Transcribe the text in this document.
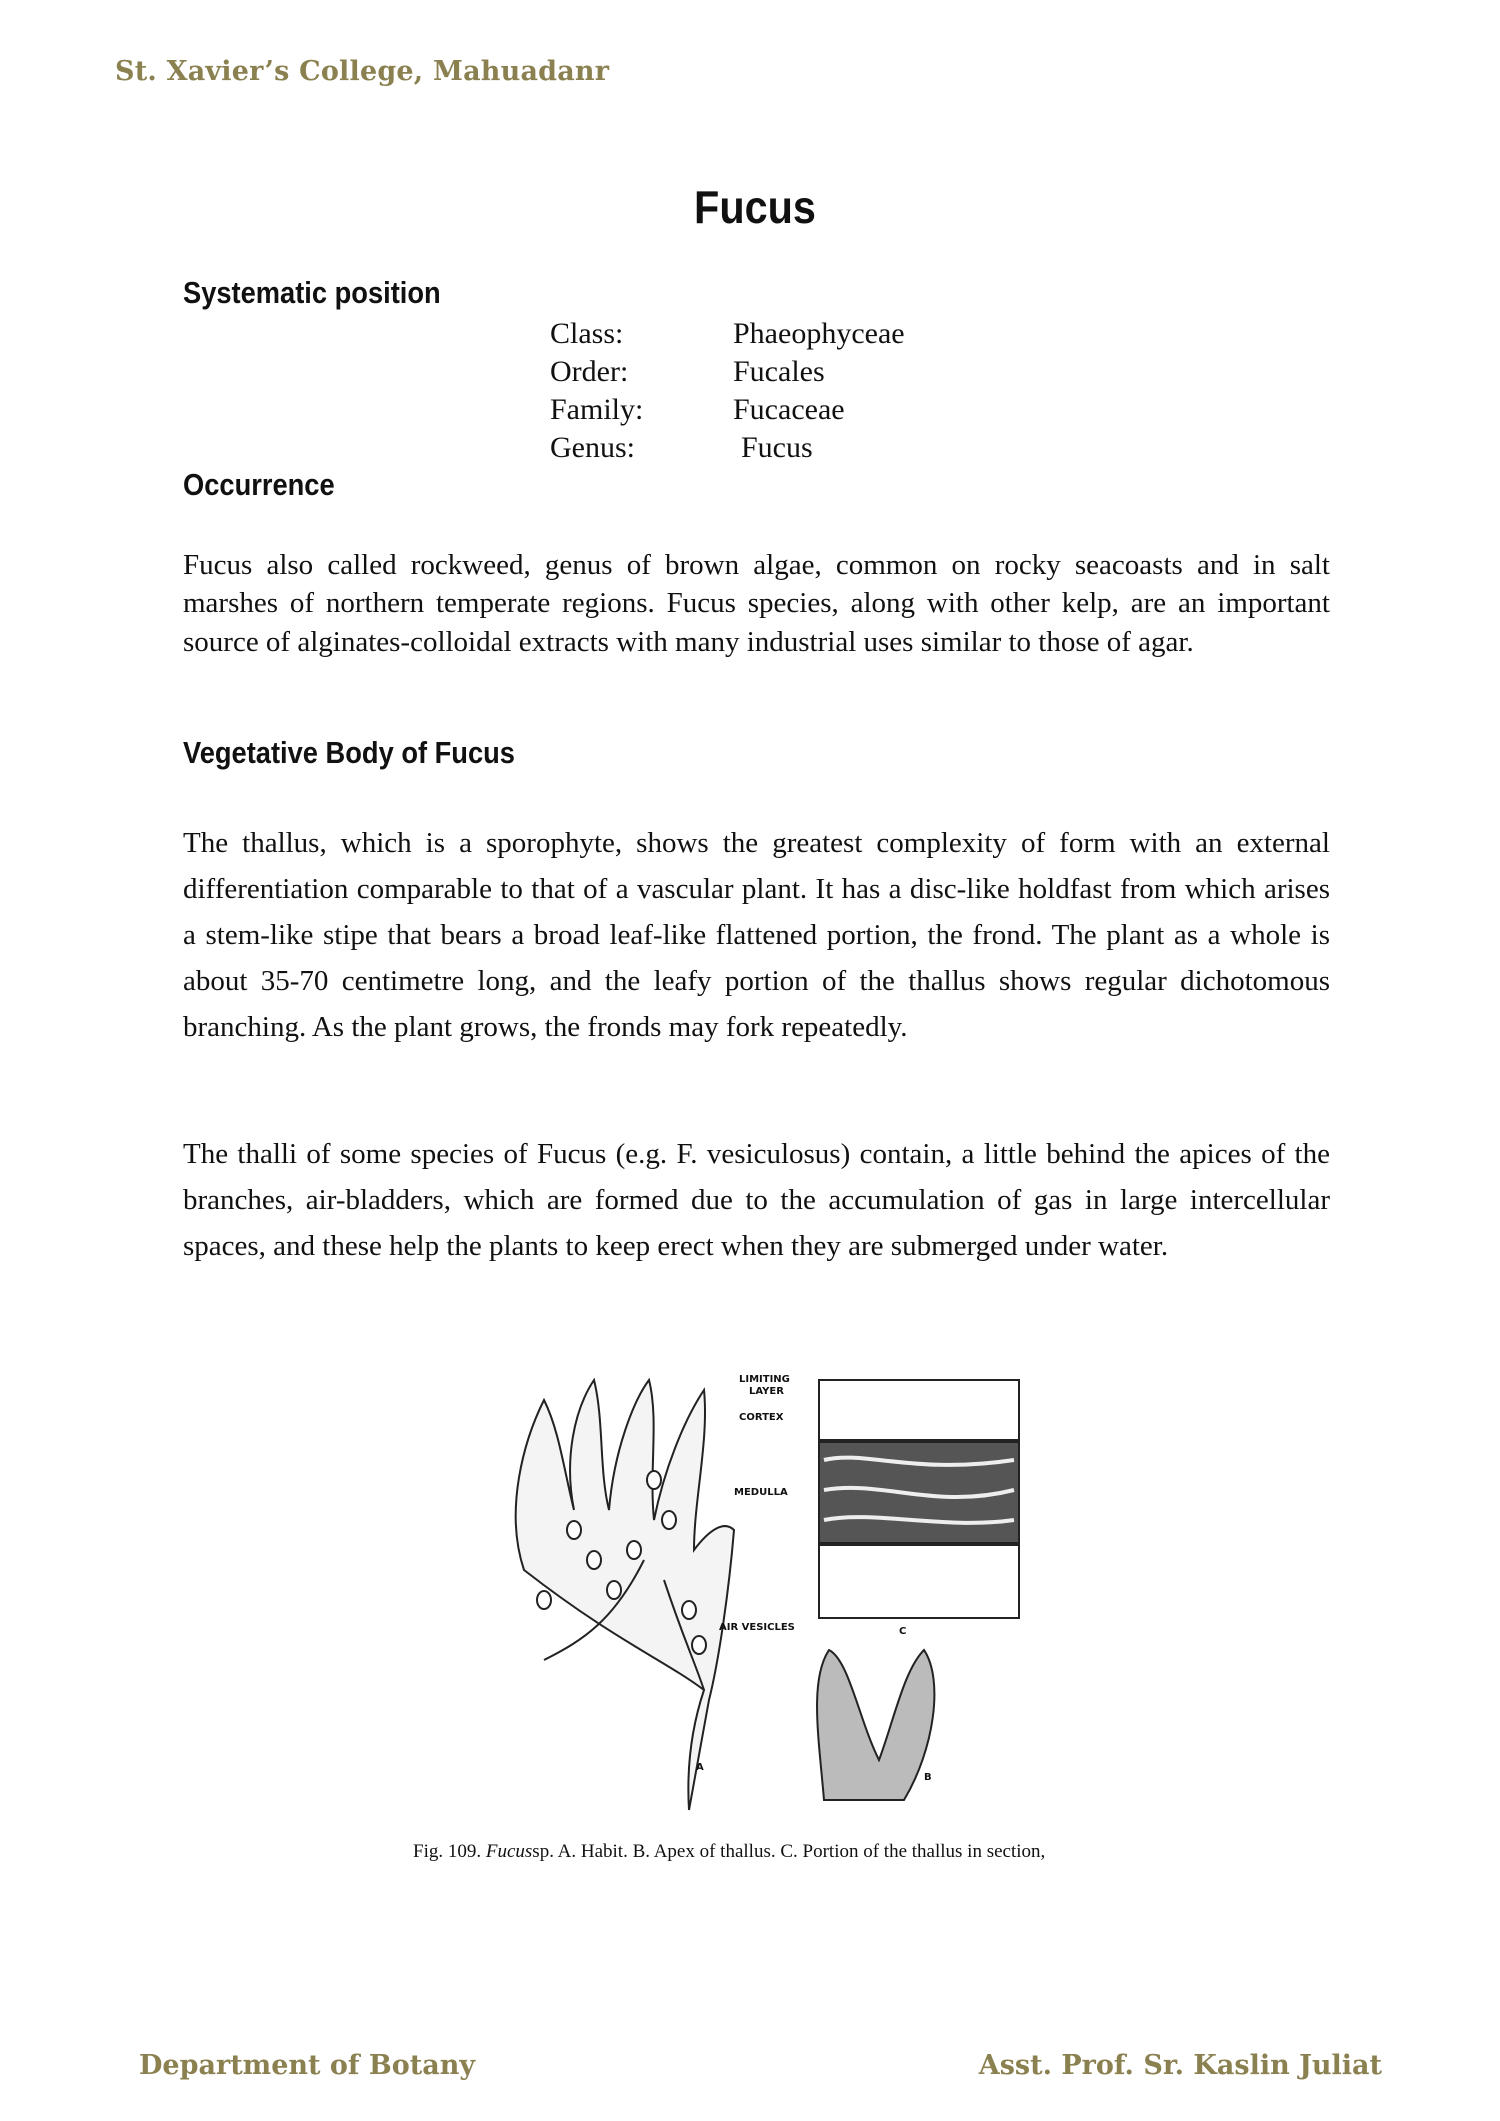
St. Xavier’s College, Mahuadanr
Fucus
Systematic position
Class:	Phaeophyceae
Order:	Fucales
Family:	Fucaceae
Genus:	Fucus
Occurrence
Fucus also called rockweed, genus of brown algae, common on rocky seacoasts and in salt marshes of northern temperate regions. Fucus species, along with other kelp, are an important source of alginates-colloidal extracts with many industrial uses similar to those of agar.
Vegetative Body of Fucus
The thallus, which is a sporophyte, shows the greatest complexity of form with an external differentiation comparable to that of a vascular plant. It has a disc-like holdfast from which arises a stem-like stipe that bears a broad leaf-like flattened portion, the frond. The plant as a whole is about 35-70 centimetre long, and the leafy portion of the thallus shows regular dichotomous branching. As the plant grows, the fronds may fork repeatedly.
The thalli of some species of Fucus (e.g. F. vesiculosus) contain, a little behind the apices of the branches, air-bladders, which are formed due to the accumulation of gas in large intercellular spaces, and these help the plants to keep erect when they are submerged under water.
LIMITING
LAYER
CORTEX
MEDULLA
AIR VESICLES
A
B
C
Fig. 109. Fucussp. A. Habit. B. Apex of thallus. C. Portion of the thallus in section,
Department of Botany	Asst. Prof. Sr. Kaslin Juliat
